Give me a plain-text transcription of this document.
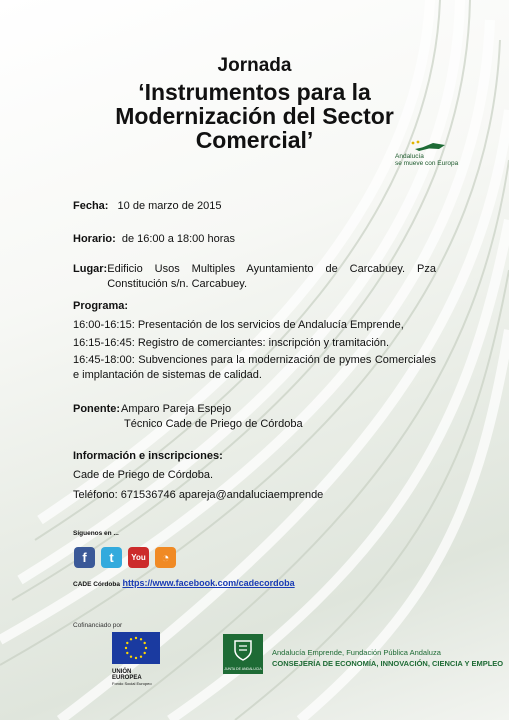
Jornada
‘Instrumentos para la
Modernización del Sector
Comercial’
Andalucía
se mueve con Europa
Fecha: 10 de marzo de 2015
Horario: de 16:00 a 18:00 horas
Lugar: Edificio Usos Multiples Ayuntamiento de Carcabuey. Pza
Constitución s/n. Carcabuey.
Programa:
16:00-16:15: Presentación de los servicios de Andalucía Emprende,
16:15-16:45: Registro de comerciantes: inscripción y tramitación.
16:45-18:00: Subvenciones para la modernización de pymes Comerciales e implantación de sistemas de calidad.
Ponente: Amparo Pareja Espejo
Técnico Cade de Priego de Córdoba
Información e inscripciones:
Cade de Priego de Córdoba.
Teléfono: 671536746 apareja@andaluciaemprende
Síguenos en ...
f	t	You	◔
CADE Córdoba https://www.facebook.com/cadecordoba
Cofinanciado por
UNIÓN EUROPEA
Fondo Social Europeo
JUNTA DE ANDALUCIA
Andalucía Emprende, Fundación Pública Andaluza
CONSEJERÍA DE ECONOMÍA, INNOVACIÓN, CIENCIA Y EMPLEO
